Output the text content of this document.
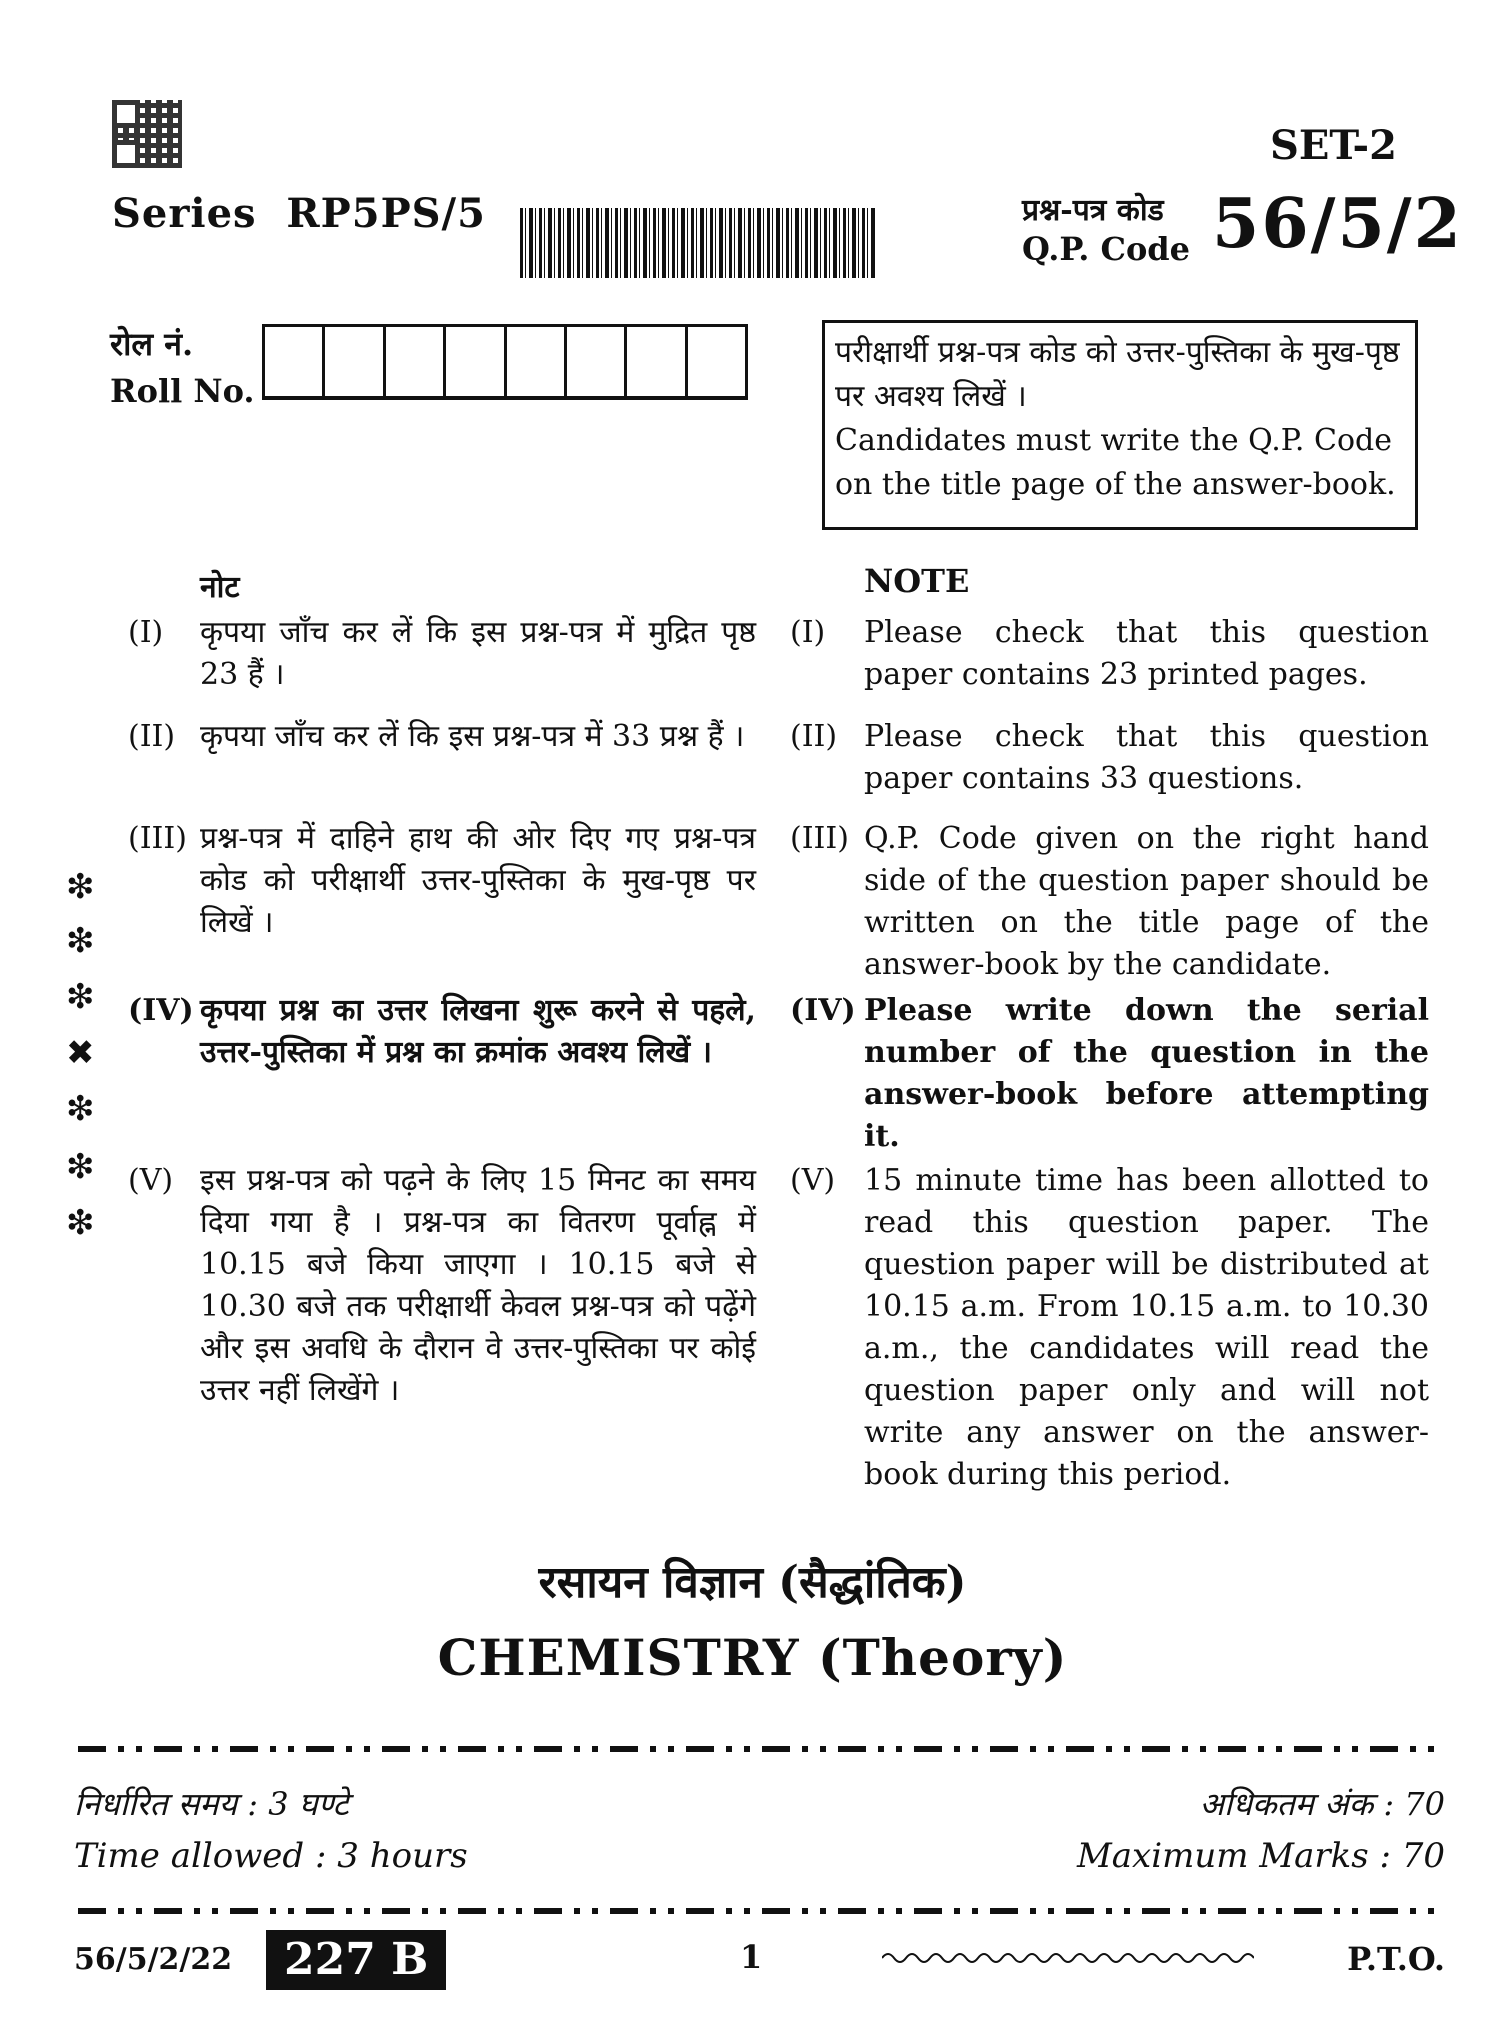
SET-2
Series  RP5PS/5	प्रश्न-पत्र कोड
Q.P. Code 56/5/2
रोल नं.
Roll No.
परीक्षार्थी प्रश्न-पत्र कोड को उत्तर-पुस्तिका के मुख-पृष्ठ पर अवश्य लिखें ।
Candidates must write the Q.P. Code on the title page of the answer-book.
नोट	NOTE
(I) कृपया जाँच कर लें कि इस प्रश्न-पत्र में मुद्रित पृष्ठ 23 हैं ।
(I) Please check that this question paper contains 23 printed pages.
(II) कृपया जाँच कर लें कि इस प्रश्न-पत्र में 33 प्रश्न हैं ।	(II) Please check that this question paper contains 33 questions.
(III) प्रश्न-पत्र में दाहिने हाथ की ओर दिए गए प्रश्न-पत्र कोड को परीक्षार्थी उत्तर-पुस्तिका के मुख-पृष्ठ पर लिखें ।
(III) Q.P. Code given on the right hand side of the question paper should be written on the title page of the answer-book by the candidate.
(IV) कृपया प्रश्न का उत्तर लिखना शुरू करने से पहले, उत्तर-पुस्तिका में प्रश्न का क्रमांक अवश्य लिखें ।
(IV) Please write down the serial number of the question in the answer-book before attempting it.
(V) इस प्रश्न-पत्र को पढ़ने के लिए 15 मिनट का समय दिया गया है । प्रश्न-पत्र का वितरण पूर्वाह्न में 10.15 बजे किया जाएगा । 10.15 बजे से 10.30 बजे तक परीक्षार्थी केवल प्रश्न-पत्र को पढ़ेंगे और इस अवधि के दौरान वे उत्तर-पुस्तिका पर कोई उत्तर नहीं लिखेंगे ।
(V) 15 minute time has been allotted to read this question paper. The question paper will be distributed at 10.15 a.m. From 10.15 a.m. to 10.30 a.m., the candidates will read the question paper only and will not write any answer on the answer-book during this period.
❇
❇
❇
✖
❇
❇
❇
रसायन विज्ञान (सैद्धांतिक)
CHEMISTRY (Theory)
निर्धारित समय : 3 घण्टे
Time allowed : 3 hours
अधिकतम अंक : 70
Maximum Marks : 70
56/5/2/22	227 B	1	P.T.O.
